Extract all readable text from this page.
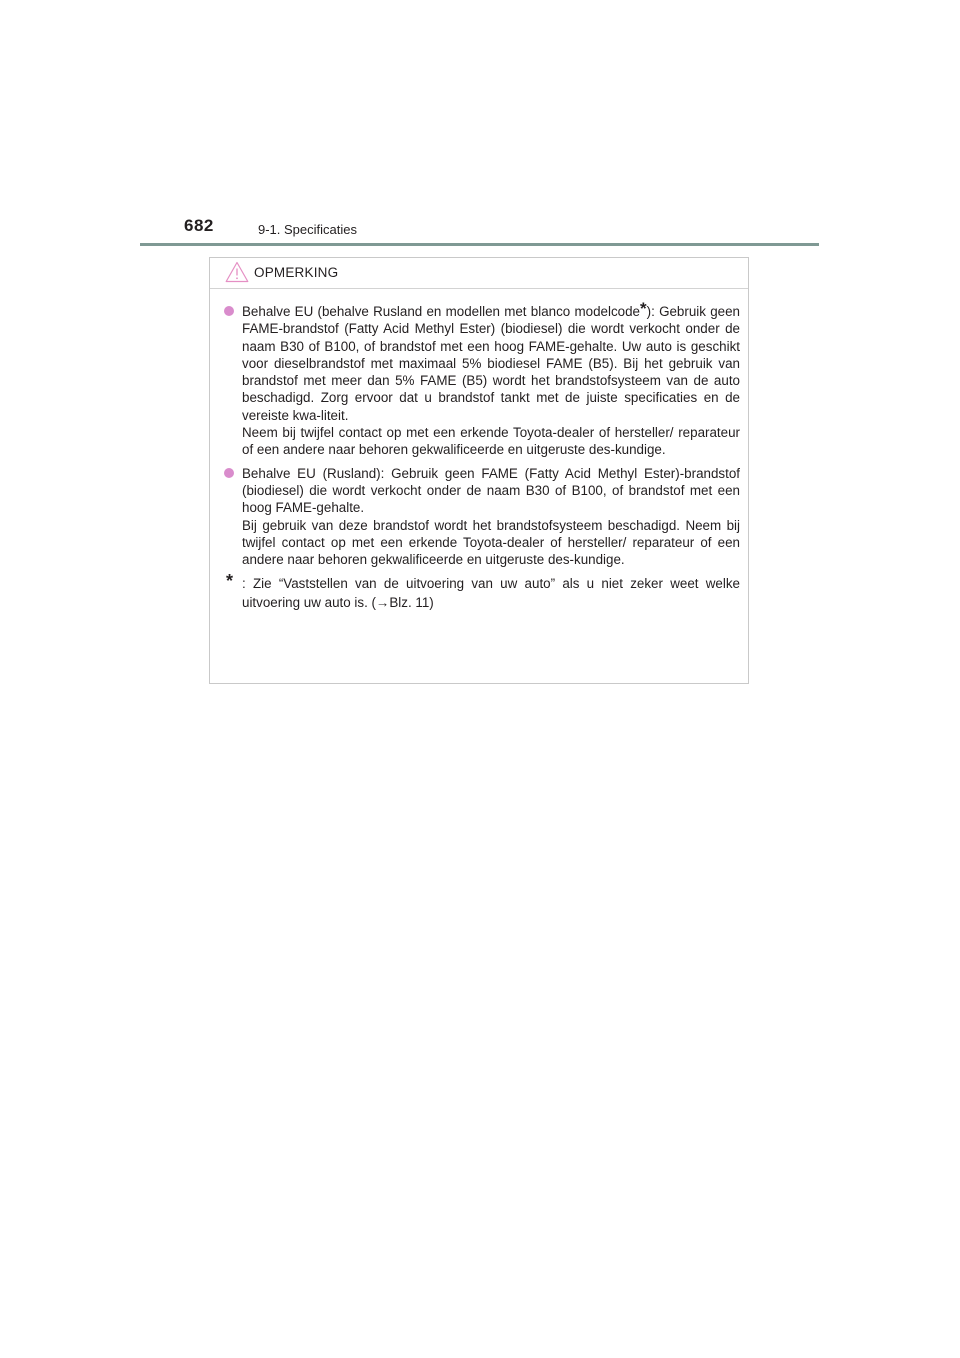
682	9-1. Specificaties
OPMERKING
Behalve EU (behalve Rusland en modellen met blanco modelcode*): Gebruik geen FAME-brandstof (Fatty Acid Methyl Ester) (biodiesel) die wordt verkocht onder de naam B30 of B100, of brandstof met een hoog FAME-gehalte. Uw auto is geschikt voor dieselbrandstof met maximaal 5% biodiesel FAME (B5). Bij het gebruik van brandstof met meer dan 5% FAME (B5) wordt het brandstofsysteem van de auto beschadigd. Zorg ervoor dat u brandstof tankt met de juiste specificaties en de vereiste kwa-liteit.
Neem bij twijfel contact op met een erkende Toyota-dealer of hersteller/ reparateur of een andere naar behoren gekwalificeerde en uitgeruste des-kundige.
Behalve EU (Rusland): Gebruik geen FAME (Fatty Acid Methyl Ester)-brandstof (biodiesel) die wordt verkocht onder de naam B30 of B100, of brandstof met een hoog FAME-gehalte.
Bij gebruik van deze brandstof wordt het brandstofsysteem beschadigd. Neem bij twijfel contact op met een erkende Toyota-dealer of hersteller/ reparateur of een andere naar behoren gekwalificeerde en uitgeruste des-kundige.
* : Zie “Vaststellen van de uitvoering van uw auto” als u niet zeker weet welke uitvoering uw auto is. (→Blz. 11)
